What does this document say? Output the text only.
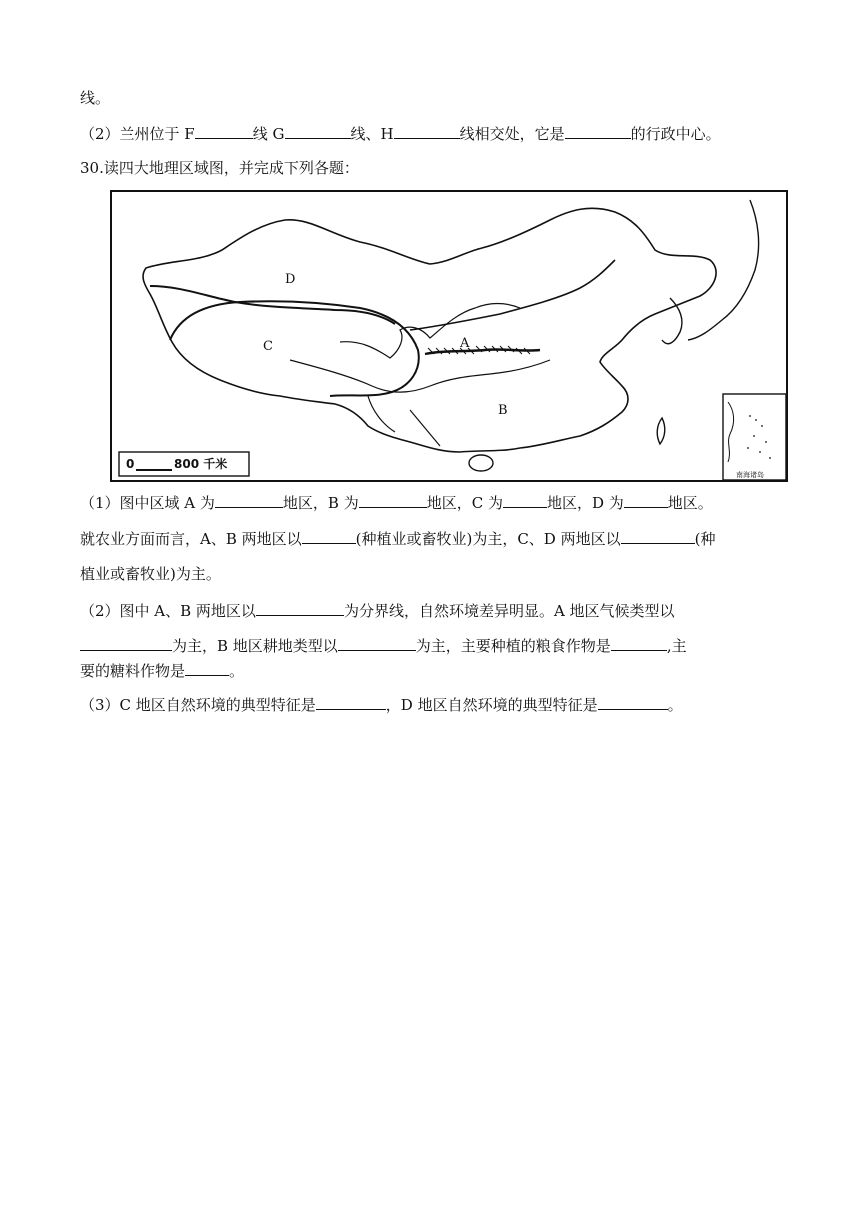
线。
（2）兰州位于 F	线 G	线、H	线相交处，它是	的行政中心。
30.读四大地理区域图，并完成下列各题：
D
C	A
B
0	800 千米
南海诸岛
（1）图中区域 A 为	地区，B 为	地区，C 为	地区，D 为	地区。
就农业方面而言，A、B 两地区以	(种植业或畜牧业)为主，C、D 两地区以	(种
植业或畜牧业)为主。
（2）图中 A、B 两地区以	为分界线，自然环境差异明显。A 地区气候类型以
为主，B 地区耕地类型以	为主，主要种植的粮食作物是	,主
要的糖料作物是	。
（3）C 地区自然环境的典型特征是	，D 地区自然环境的典型特征是	。
